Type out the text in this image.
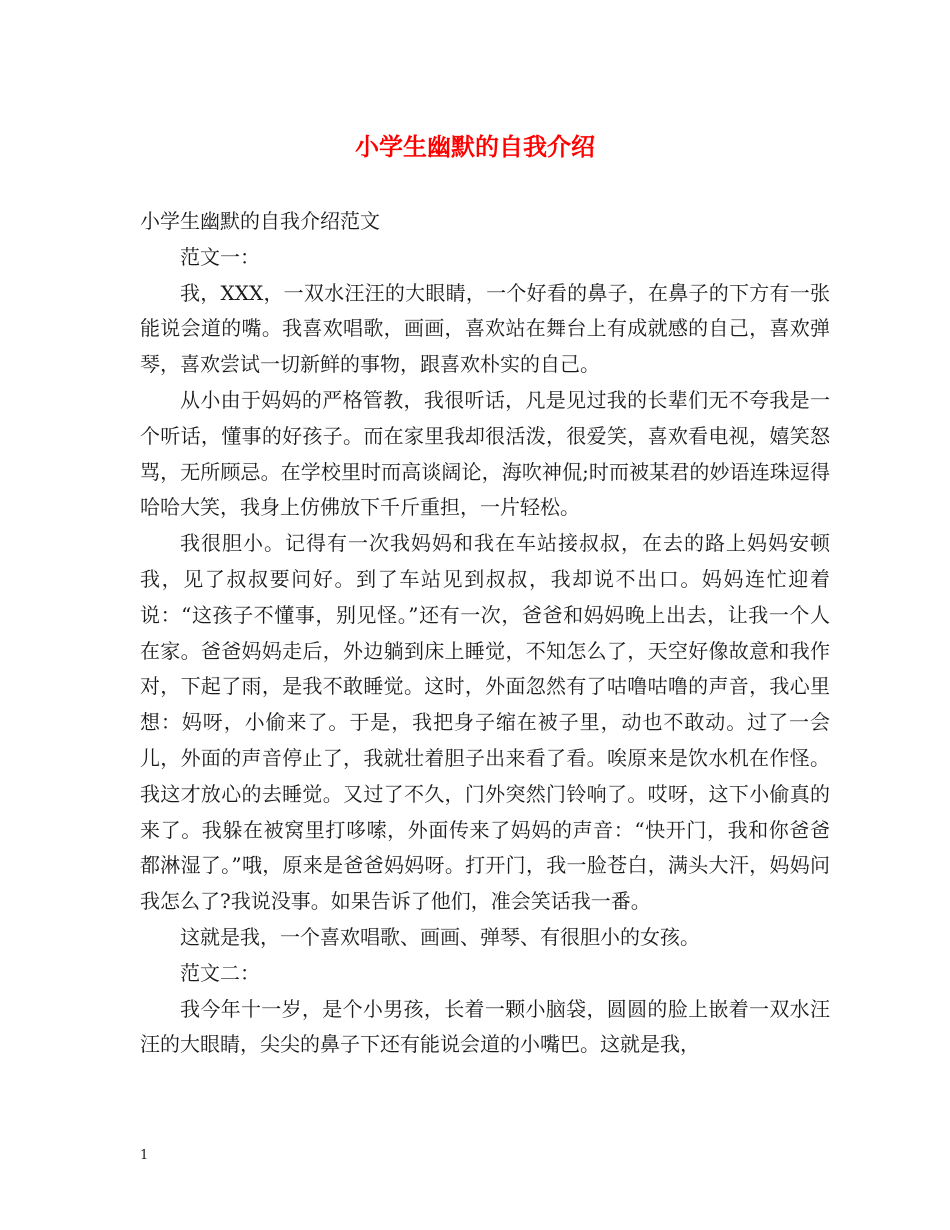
小学生幽默的自我介绍

小学生幽默的自我介绍范文

范文一：

我，XXX，一双水汪汪的大眼睛，一个好看的鼻子，在鼻子的下方有一张能说会道的嘴。我喜欢唱歌，画画，喜欢站在舞台上有成就感的自己，喜欢弹琴，喜欢尝试一切新鲜的事物，跟喜欢朴实的自己。

从小由于妈妈的严格管教，我很听话，凡是见过我的长辈们无不夸我是一个听话，懂事的好孩子。而在家里我却很活泼，很爱笑，喜欢看电视，嬉笑怒骂，无所顾忌。在学校里时而高谈阔论，海吹神侃;时而被某君的妙语连珠逗得哈哈大笑，我身上仿佛放下千斤重担，一片轻松。

我很胆小。记得有一次我妈妈和我在车站接叔叔，在去的路上妈妈安顿我，见了叔叔要问好。到了车站见到叔叔，我却说不出口。妈妈连忙迎着说：“这孩子不懂事，别见怪。”还有一次，爸爸和妈妈晚上出去，让我一个人在家。爸爸妈妈走后，外边躺到床上睡觉，不知怎么了，天空好像故意和我作对，下起了雨，是我不敢睡觉。这时，外面忽然有了咕噜咕噜的声音，我心里想：妈呀，小偷来了。于是，我把身子缩在被子里，动也不敢动。过了一会儿，外面的声音停止了，我就壮着胆子出来看了看。唉原来是饮水机在作怪。我这才放心的去睡觉。又过了不久，门外突然门铃响了。哎呀，这下小偷真的来了。我躲在被窝里打哆嗦，外面传来了妈妈的声音：“快开门，我和你爸爸都淋湿了。”哦，原来是爸爸妈妈呀。打开门，我一脸苍白，满头大汗，妈妈问我怎么了?我说没事。如果告诉了他们，准会笑话我一番。

这就是我，一个喜欢唱歌、画画、弹琴、有很胆小的女孩。

范文二：

我今年十一岁，是个小男孩，长着一颗小脑袋，圆圆的脸上嵌着一双水汪汪的大眼睛，尖尖的鼻子下还有能说会道的小嘴巴。这就是我，

1
